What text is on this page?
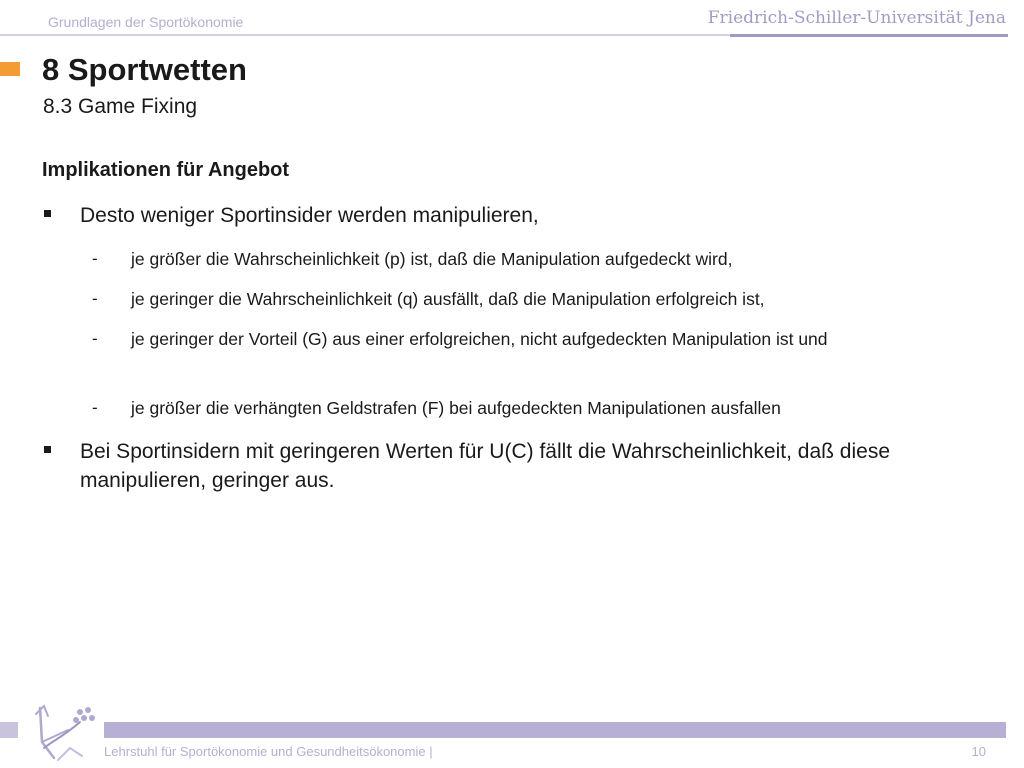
Grundlagen der Sportökonomie	Friedrich-Schiller-Universität Jena
8 Sportwetten
8.3 Game Fixing
Implikationen für Angebot
Desto weniger Sportinsider werden manipulieren,
- je größer die Wahrscheinlichkeit (p) ist, daß die Manipulation aufgedeckt wird,
- je geringer die Wahrscheinlichkeit (q) ausfällt, daß die Manipulation erfolgreich ist,
- je geringer der Vorteil (G) aus einer erfolgreichen, nicht aufgedeckten Manipulation ist und
- je größer die verhängten Geldstrafen (F) bei aufgedeckten Manipulationen ausfallen
Bei Sportinsidern mit geringeren Werten für U(C) fällt die Wahrscheinlichkeit, daß diese manipulieren, geringer aus.
Lehrstuhl für Sportökonomie und Gesundheitsökonomie |	10
